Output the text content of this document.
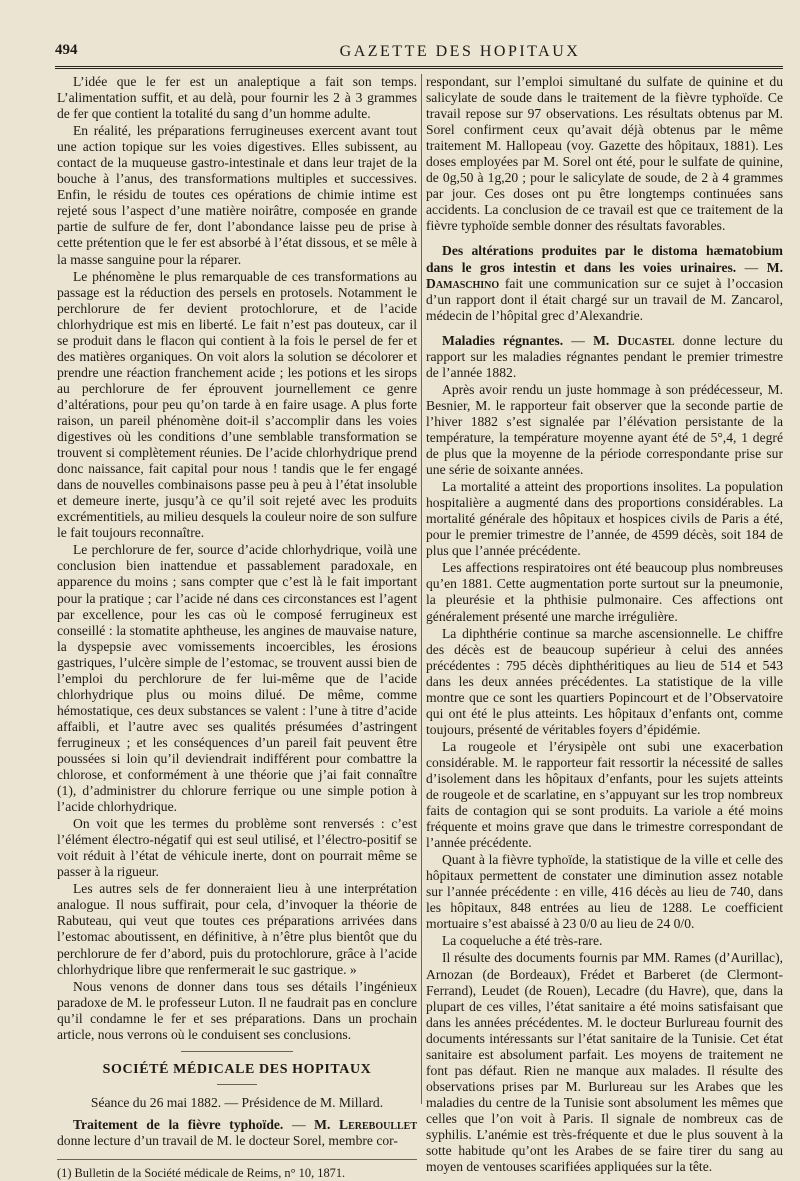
494	GAZETTE DES HOPITAUX

L’idée que le fer est un analeptique a fait son temps. L’alimentation suffit, et au delà, pour fournir les 2 à 3 grammes de fer que contient la totalité du sang d’un homme adulte.

En réalité, les préparations ferrugineuses exercent avant tout une action topique sur les voies digestives. Elles subissent, au contact de la muqueuse gastro-intestinale et dans leur trajet de la bouche à l’anus, des transformations multiples et successives. Enfin, le résidu de toutes ces opérations de chimie intime est rejeté sous l’aspect d’une matière noirâtre, composée en grande partie de sulfure de fer, dont l’abondance laisse peu de prise à cette prétention que le fer est absorbé à l’état dissous, et se mêle à la masse sanguine pour la réparer.

Le phénomène le plus remarquable de ces transformations au passage est la réduction des persels en protosels. Notamment le perchlorure de fer devient protochlorure, et de l’acide chlorhydrique est mis en liberté. Le fait n’est pas douteux, car il se produit dans le flacon qui contient à la fois le persel de fer et des matières organiques. On voit alors la solution se décolorer et prendre une réaction franchement acide ; les potions et les sirops au perchlorure de fer éprouvent journellement ce genre d’altérations, pour peu qu’on tarde à en faire usage. A plus forte raison, un pareil phénomène doit-il s’accomplir dans les voies digestives où les conditions d’une semblable transformation se trouvent si complètement réunies. De l’acide chlorhydrique prend donc naissance, fait capital pour nous ! tandis que le fer engagé dans de nouvelles combinaisons passe peu à peu à l’état insoluble et demeure inerte, jusqu’à ce qu’il soit rejeté avec les produits excrémentitiels, au milieu desquels la couleur noire de son sulfure le fait toujours reconnaître.

Le perchlorure de fer, source d’acide chlorhydrique, voilà une conclusion bien inattendue et passablement paradoxale, en apparence du moins ; sans compter que c’est là le fait important pour la pratique ; car l’acide né dans ces circonstances est l’agent par excellence, pour les cas où le composé ferrugineux est conseillé : la stomatite aphtheuse, les angines de mauvaise nature, la dyspepsie avec vomissements incoercibles, les érosions gastriques, l’ulcère simple de l’estomac, se trouvent aussi bien de l’emploi du perchlorure de fer lui-même que de l’acide chlorhydrique plus ou moins dilué. De même, comme hémostatique, ces deux substances se valent : l’une à titre d’acide affaibli, et l’autre avec ses qualités présumées d’astringent ferrugineux ; et les conséquences d’un pareil fait peuvent être poussées si loin qu’il deviendrait indifférent pour combattre la chlorose, et conformément à une théorie que j’ai fait connaître (1), d’administrer du chlorure ferrique ou une simple potion à l’acide chlorhydrique.

On voit que les termes du problème sont renversés : c’est l’élément électro-négatif qui est seul utilisé, et l’électro-positif se voit réduit à l’état de véhicule inerte, dont on pourrait même se passer à la rigueur.

Les autres sels de fer donneraient lieu à une interprétation analogue. Il nous suffirait, pour cela, d’invoquer la théorie de Rabuteau, qui veut que toutes ces préparations arrivées dans l’estomac aboutissent, en définitive, à n’être plus bientôt que du perchlorure de fer d’abord, puis du protochlorure, grâce à l’acide chlorhydrique libre que renfermerait le suc gastrique. »

Nous venons de donner dans tous ses détails l’ingénieux paradoxe de M. le professeur Luton. Il ne faudrait pas en conclure qu’il condamne le fer et ses préparations. Dans un prochain article, nous verrons où le conduisent ses conclusions.

SOCIÉTÉ MÉDICALE DES HOPITAUX

Séance du 26 mai 1882. — Présidence de M. Millard.

Traitement de la fièvre typhoïde. — M. Lereboullet donne lecture d’un travail de M. le docteur Sorel, membre cor-

(1) Bulletin de la Société médicale de Reims, n° 10, 1871.

respondant, sur l’emploi simultané du sulfate de quinine et du salicylate de soude dans le traitement de la fièvre typhoïde. Ce travail repose sur 97 observations. Les résultats obtenus par M. Sorel confirment ceux qu’avait déjà obtenus par le même traitement M. Hallopeau (voy. Gazette des hôpitaux, 1881). Les doses employées par M. Sorel ont été, pour le sulfate de quinine, de 0g,50 à 1g,20 ; pour le salicylate de soude, de 2 à 4 grammes par jour. Ces doses ont pu être longtemps continuées sans accidents. La conclusion de ce travail est que ce traitement de la fièvre typhoïde semble donner des résultats favorables.

Des altérations produites par le distoma hæmatobium dans le gros intestin et dans les voies urinaires. — M. Damaschino fait une communication sur ce sujet à l’occasion d’un rapport dont il était chargé sur un travail de M. Zancarol, médecin de l’hôpital grec d’Alexandrie.

Maladies régnantes. — M. Ducastel donne lecture du rapport sur les maladies régnantes pendant le premier trimestre de l’année 1882.

Après avoir rendu un juste hommage à son prédécesseur, M. Besnier, M. le rapporteur fait observer que la seconde partie de l’hiver 1882 s’est signalée par l’élévation persistante de la température, la température moyenne ayant été de 5°,4, 1 degré de plus que la moyenne de la période correspondante prise sur une série de soixante années.

La mortalité a atteint des proportions insolites. La population hospitalière a augmenté dans des proportions considérables. La mortalité générale des hôpitaux et hospices civils de Paris a été, pour le premier trimestre de l’année, de 4599 décès, soit 184 de plus que l’année précédente.

Les affections respiratoires ont été beaucoup plus nombreuses qu’en 1881. Cette augmentation porte surtout sur la pneumonie, la pleurésie et la phthisie pulmonaire. Ces affections ont généralement présenté une marche irrégulière.

La diphthérie continue sa marche ascensionnelle. Le chiffre des décès est de beaucoup supérieur à celui des années précédentes : 795 décès diphthéritiques au lieu de 514 et 543 dans les deux années précédentes. La statistique de la ville montre que ce sont les quartiers Popincourt et de l’Observatoire qui ont été le plus atteints. Les hôpitaux d’enfants ont, comme toujours, présenté de véritables foyers d’épidémie.

La rougeole et l’érysipèle ont subi une exacerbation considérable. M. le rapporteur fait ressortir la nécessité de salles d’isolement dans les hôpitaux d’enfants, pour les sujets atteints de rougeole et de scarlatine, en s’appuyant sur les trop nombreux faits de contagion qui se sont produits. La variole a été moins fréquente et moins grave que dans le trimestre correspondant de l’année précédente.

Quant à la fièvre typhoïde, la statistique de la ville et celle des hôpitaux permettent de constater une diminution assez notable sur l’année précédente : en ville, 416 décès au lieu de 740, dans les hôpitaux, 848 entrées au lieu de 1288. Le coefficient mortuaire s’est abaissé à 23 0/0 au lieu de 24 0/0.

La coqueluche a été très-rare.

Il résulte des documents fournis par MM. Rames (d’Aurillac), Arnozan (de Bordeaux), Frédet et Barberet (de Clermont-Ferrand), Leudet (de Rouen), Lecadre (du Havre), que, dans la plupart de ces villes, l’état sanitaire a été moins satisfaisant que dans les années précédentes. M. le docteur Burlureau fournit des documents intéressants sur l’état sanitaire de la Tunisie. Cet état sanitaire est absolument parfait. Les moyens de traitement ne font pas défaut. Rien ne manque aux malades. Il résulte des observations prises par M. Burlureau sur les Arabes que les maladies du centre de la Tunisie sont absolument les mêmes que celles que l’on voit à Paris. Il signale de nombreux cas de syphilis. L’anémie est très-fréquente et due le plus souvent à la sotte habitude qu’ont les Arabes de se faire tirer du sang au moyen de ventouses scarifiées appliquées sur la tête.
